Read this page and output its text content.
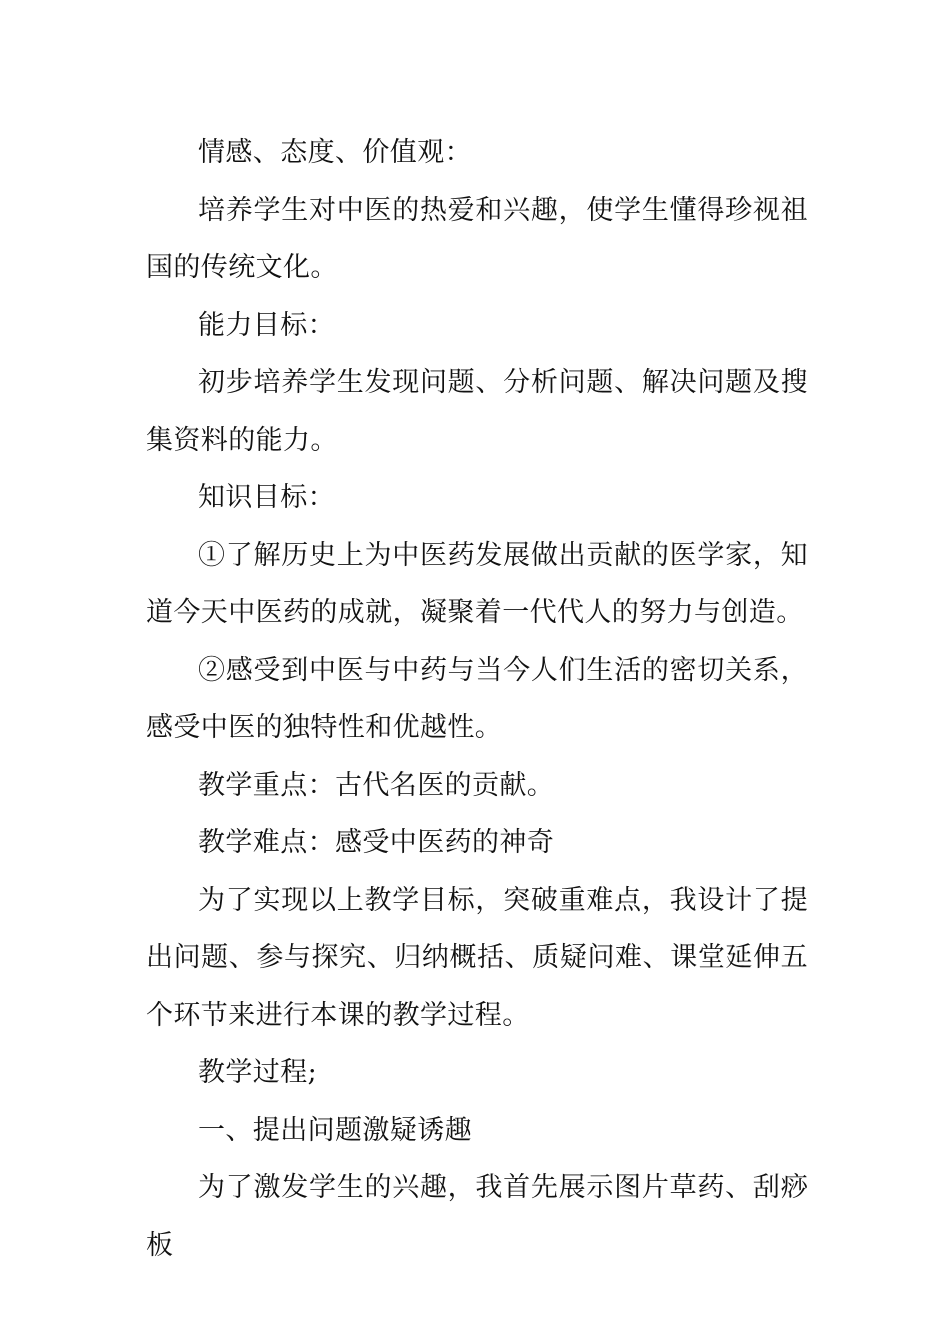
情感、态度、价值观：

培养学生对中医的热爱和兴趣，使学生懂得珍视祖国的传统文化。

能力目标：

初步培养学生发现问题、分析问题、解决问题及搜集资料的能力。

知识目标：

①了解历史上为中医药发展做出贡献的医学家，知道今天中医药的成就，凝聚着一代代人的努力与创造。

②感受到中医与中药与当今人们生活的密切关系，感受中医的独特性和优越性。

教学重点：古代名医的贡献。

教学难点：感受中医药的神奇

为了实现以上教学目标，突破重难点，我设计了提出问题、参与探究、归纳概括、质疑问难、课堂延伸五个环节来进行本课的教学过程。

教学过程;

一、提出问题激疑诱趣

为了激发学生的兴趣，我首先展示图片草药、刮痧板
